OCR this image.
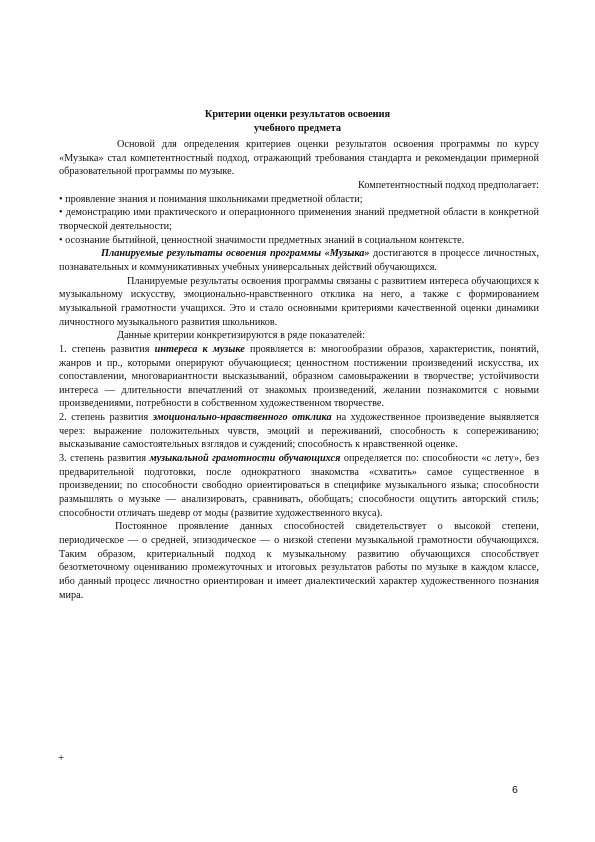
Критерии оценки результатов освоения
учебного предмета

Основой для определения критериев оценки результатов освоения программы по курсу «Музыка» стал компетентностный подход, отражающий требования стандарта и рекомендации примерной образовательной программы по музыке.

Компетентностный подход предполагает:

• проявление знания и понимания школьниками предметной области;

• демонстрацию ими практического и операционного применения знаний предметной области в конкретной творческой деятельности;

• осознание бытийной, ценностной значимости предметных знаний в социальном контексте.

Планируемые результаты освоения программы «Музыка» достигаются в процессе личностных, познавательных и коммуникативных учебных универсальных действий обучающихся.

Планируемые результаты освоения программы связаны с развитием интереса обучающихся к музыкальному искусству, эмоционально-нравственного отклика на него, а также с формированием музыкальной грамотности учащихся. Это и стало основными критериями качественной оценки динамики личностного музыкального развития школьников.

Данные критерии конкретизируются в ряде показателей:

1. степень развития интереса к музыке проявляется в: многообразии образов, характеристик, понятий, жанров и пр., которыми оперируют обучающиеся; ценностном постижении произведений искусства, их сопоставлении, многовариантности высказываний, образном самовыражении в творчестве; устойчивости интереса — длительности впечатлений от знакомых произведений, желании познакомится с новыми произведениями, потребности в собственном художественном творчестве.

2. степень развития эмоционально-нравственного отклика на художественное произведение выявляется через: выражение положительных чувств, эмоций и переживаний, способность к сопереживанию; высказывание самостоятельных взглядов и суждений; способность к нравственной оценке.

3. степень развития музыкальной грамотности обучающихся определяется по: способности «с лету», без предварительной подготовки, после однократного знакомства «схватить» самое существенное в произведении; по способности свободно ориентироваться в специфике музыкального языка; способности размышлять о музыке — анализировать, сравнивать, обобщать; способности ощутить авторский стиль; способности отличать шедевр от моды (развитие художественного вкуса).

Постоянное проявление данных способностей свидетельствует о высокой степени, периодическое — о средней, эпизодическое — о низкой степени музыкальной грамотности обучающихся. Таким образом, критериальный подход к музыкальному развитию обучающихся способствует безотметочному оцениванию промежуточных и итоговых результатов работы по музыке в каждом классе, ибо данный процесс личностно ориентирован и имеет диалектический характер художественного познания мира.

+
6
